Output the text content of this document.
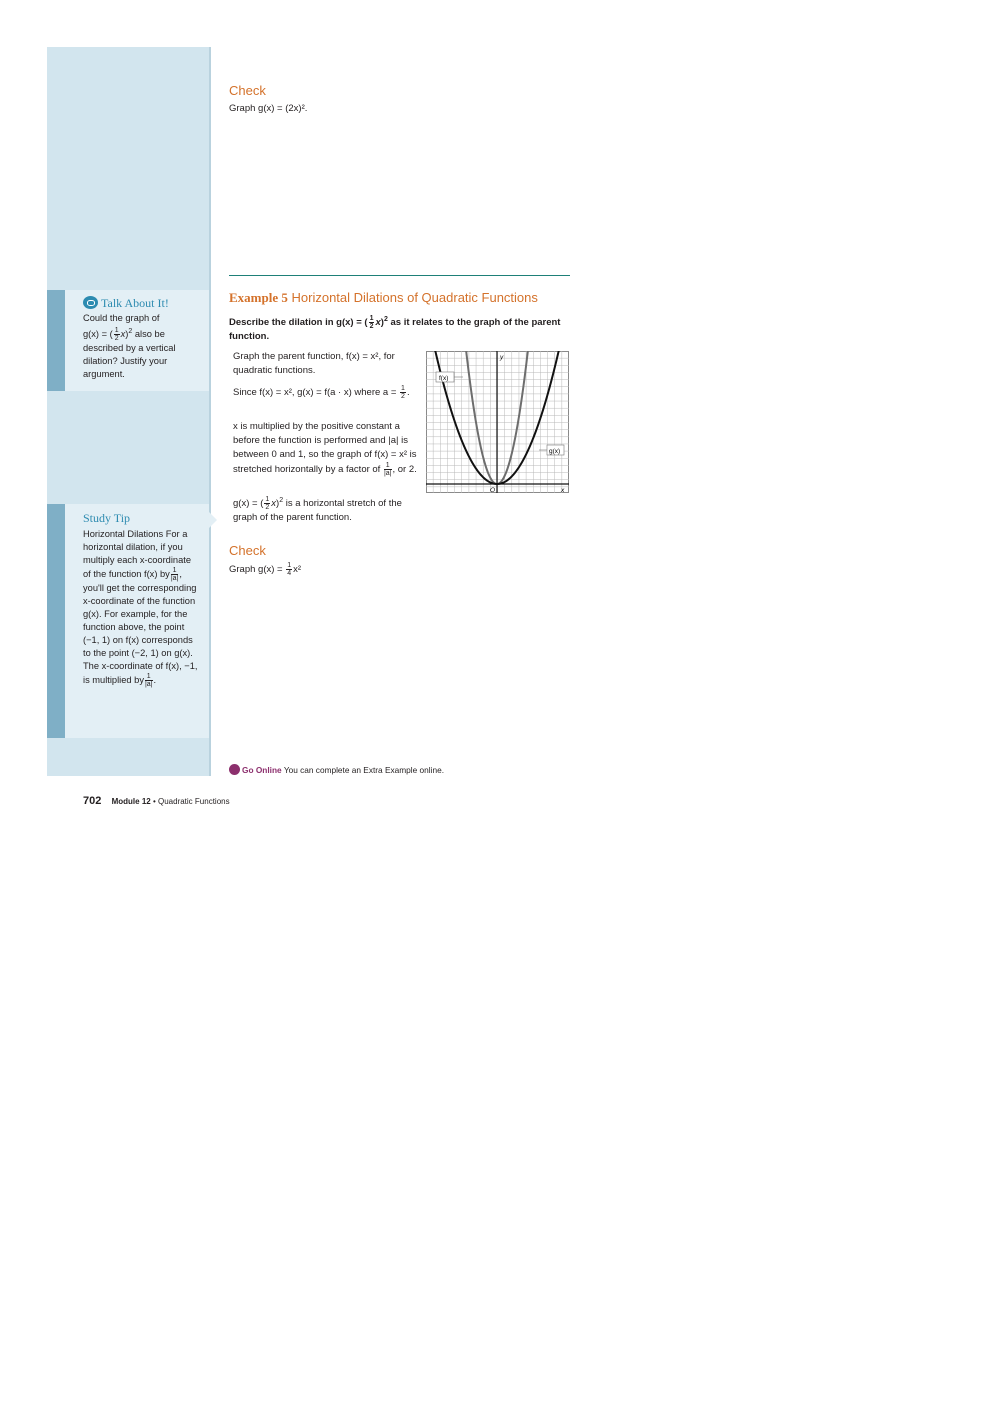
Talk About It!
Could the graph of
g(x) = ( $\frac{1}{2} x)^2$ also be described by a vertical dilation? Justify your argument.
Study Tip
Horizontal Dilations For a horizontal dilation, if you multiply each x-coordinate of the function f(x) by $\frac{1}{|a|}$ , you'll get the corresponding x-coordinate of the function g(x). For example, for the function above, the point (−1, 1) on f(x) corresponds to the point (−2, 1) on g(x). The x-coordinate of f(x), −1, is multiplied by $\frac{1}{|a|}$ .
Check
Graph g(x) = (2x)².
Example 5 Horizontal Dilations of Quadratic Functions
Describe the dilation in g(x) = ( $\frac{1}{2} x)^2$ as it relates to the graph of the parent function.
Graph the parent function, f(x) = x², for quadratic functions.
Since f(x) = x², g(x) = f(a · x) where $a = \frac{1}{2}$ .
x is multiplied by the positive constant a before the function is performed and |a| is between 0 and 1, so the graph of f(x) = x² is stretched horizontally by a factor of $\frac{1}{|a|}$ , or 2.
g(x) = ( $\frac{1}{2} x)^2$ is a horizontal stretch of the graph of the parent function.
f(x)
g(x)
y
x
O
Check
Graph $g(x) = \frac{1}{4} x^2$
Go Online You can complete an Extra Example online.
702 Module 12 • Quadratic Functions
